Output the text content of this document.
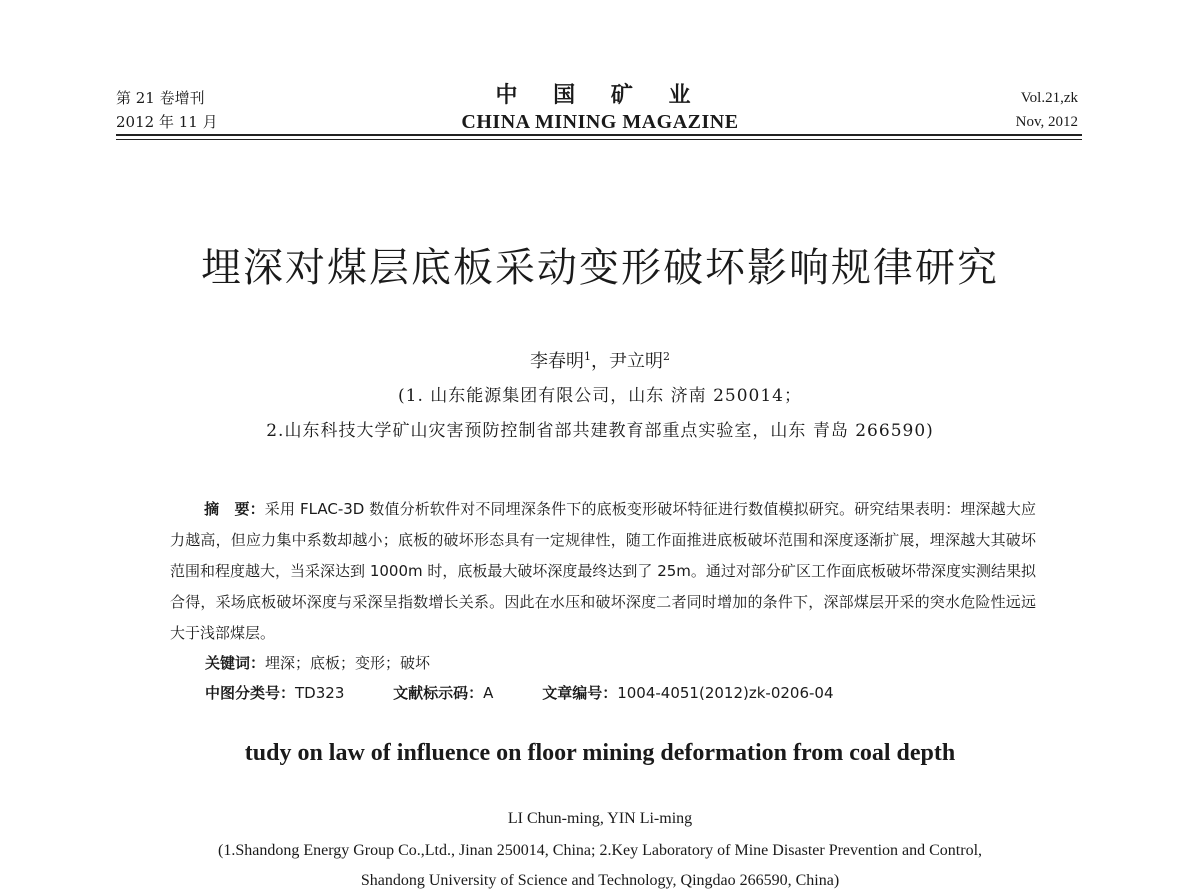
第 21 卷增刊
2012 年 11 月
中 国 矿 业
CHINA MINING MAGAZINE
Vol.21,zk
Nov, 2012
埋深对煤层底板采动变形破坏影响规律研究
李春明$^1$，尹立明$^2$
(1. 山东能源集团有限公司，山东 济南 250014；
2.山东科技大学矿山灾害预防控制省部共建教育部重点实验室，山东 青岛 266590)
摘　要：采用 FLAC-3D 数值分析软件对不同埋深条件下的底板变形破坏特征进行数值模拟研究。研究结果表明：埋深越大应力越高，但应力集中系数却越小；底板的破坏形态具有一定规律性，随工作面推进底板破坏范围和深度逐渐扩展，埋深越大其破坏范围和程度越大，当采深达到 1000m 时，底板最大破坏深度最终达到了 25m。通过对部分矿区工作面底板破坏带深度实测结果拟合得，采场底板破坏深度与采深呈指数增长关系。因此在水压和破坏深度二者同时增加的条件下，深部煤层开采的突水危险性远远大于浅部煤层。
关键词：埋深；底板；变形；破坏
中图分类号：TD323	文献标示码：A	文章编号：1004-4051(2012)zk-0206-04
tudy on law of influence on floor mining deformation from coal depth
LI Chun-ming, YIN Li-ming
(1.Shandong Energy Group Co.,Ltd., Jinan 250014, China; 2.Key Laboratory of Mine Disaster Prevention and Control,
Shandong University of Science and Technology, Qingdao 266590, China)
